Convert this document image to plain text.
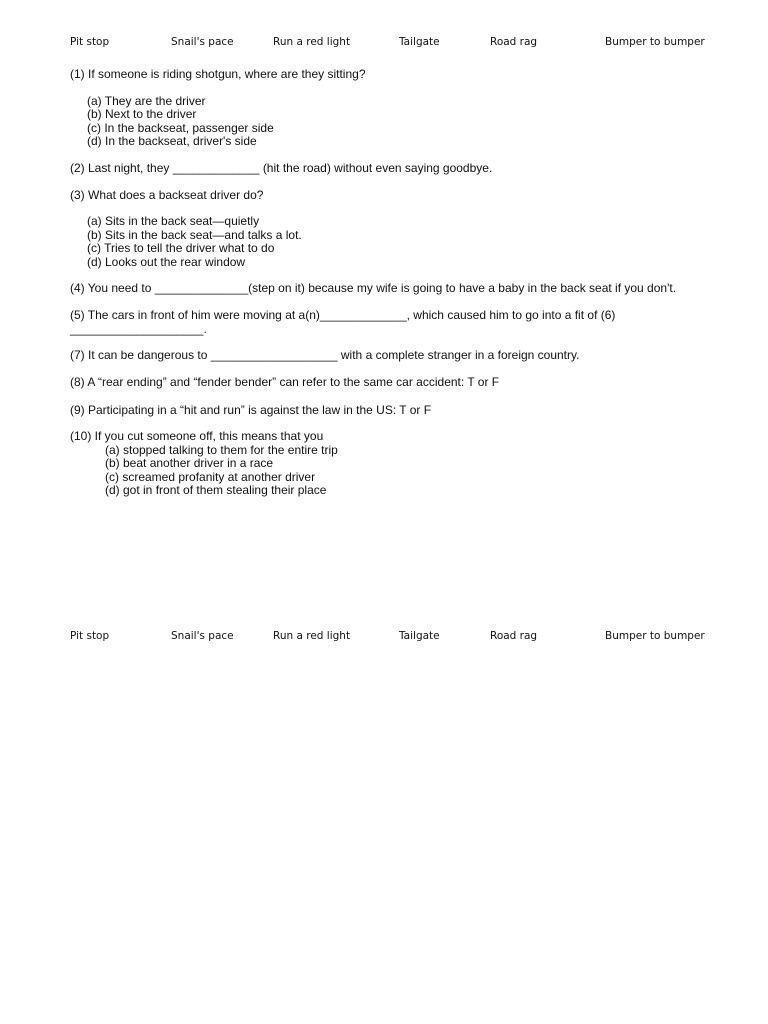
Pit stop	Snail's pace	Run a red light	Tailgate	Road rag	Bumper to bumper
(1) If someone is riding shotgun, where are they sitting?
(a) They are the driver
(b) Next to the driver
(c) In the backseat, passenger side
(d) In the backseat, driver's side
(2) Last night, they _____________ (hit the road) without even saying goodbye.
(3) What does a backseat driver do?
(a) Sits in the back seat—quietly
(b) Sits in the back seat—and talks a lot.
(c) Tries to tell the driver what to do
(d) Looks out the rear window
(4) You need to ______________(step on it) because my wife is going to have a baby in the back seat if you don't.
(5) The cars in front of him were moving at a(n)_____________, which caused him to go into a fit of (6) ____________________.
(7) It can be dangerous to ___________________ with a complete stranger in a foreign country.
(8) A “rear ending” and “fender bender” can refer to the same car accident: T or F
(9) Participating in a “hit and run” is against the law in the US: T or F
(10) If you cut someone off, this means that you
(a) stopped talking to them for the entire trip
(b) beat another driver in a race
(c) screamed profanity at another driver
(d) got in front of them stealing their place
Pit stop	Snail's pace	Run a red light	Tailgate	Road rag	Bumper to bumper
